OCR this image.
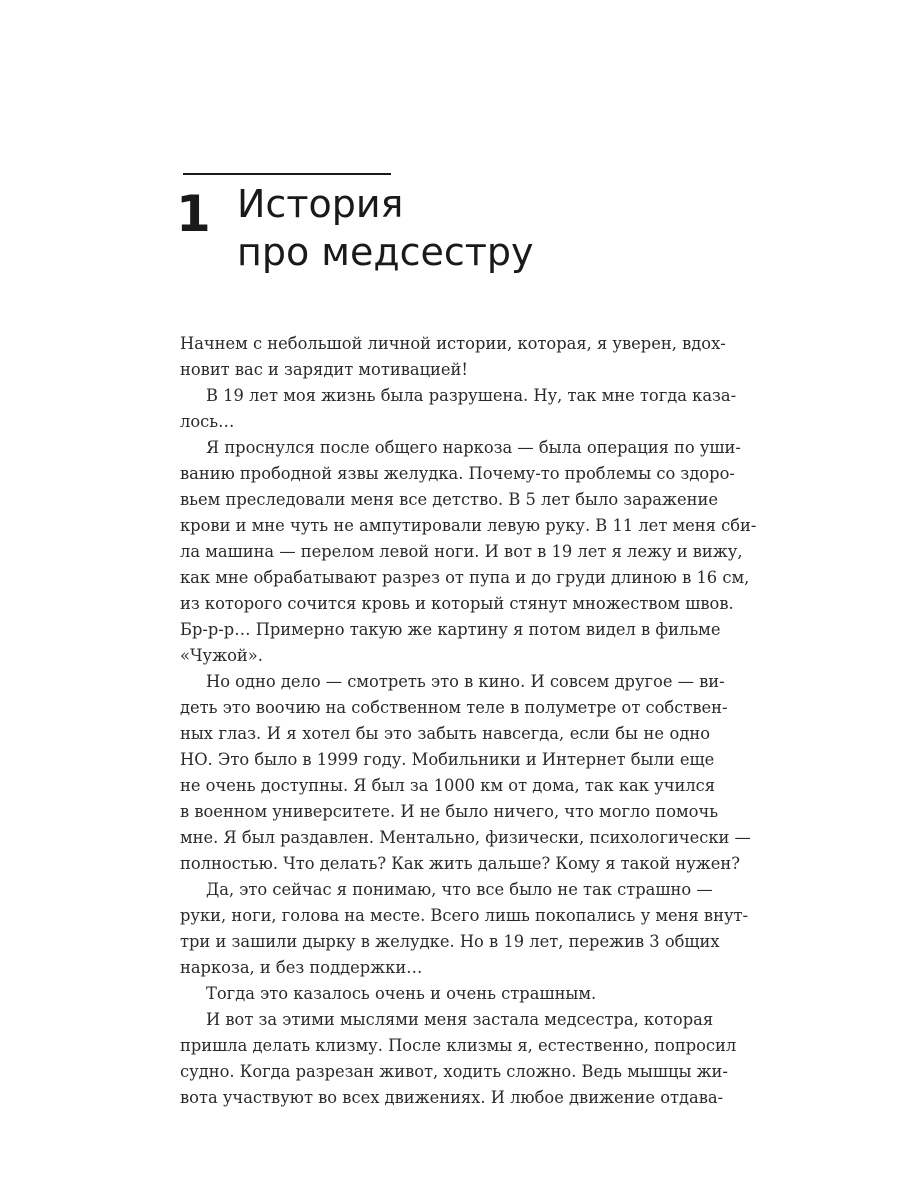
1 История
про медсестру
Начнем с небольшой личной истории, которая, я уверен, вдох-
новит вас и зарядит мотивацией!
В 19 лет моя жизнь была разрушена. Ну, так мне тогда каза-
лось…
Я проснулся после общего наркоза — была операция по уши-
ванию прободной язвы желудка. Почему-то проблемы со здоро-
вьем преследовали меня все детство. В 5 лет было заражение
крови и мне чуть не ампутировали левую руку. В 11 лет меня сби-
ла машина — перелом левой ноги. И вот в 19 лет я лежу и вижу,
как мне обрабатывают разрез от пупа и до груди длиною в 16 см,
из которого сочится кровь и который стянут множеством швов.
Бр-р-р… Примерно такую же картину я потом видел в фильме
«Чужой».
Но одно дело — смотреть это в кино. И совсем другое — ви-
деть это воочию на собственном теле в полуметре от собствен-
ных глаз. И я хотел бы это забыть навсегда, если бы не одно
НО. Это было в 1999 году. Мобильники и Интернет были еще
не очень доступны. Я был за 1000 км от дома, так как учился
в военном университете. И не было ничего, что могло помочь
мне. Я был раздавлен. Ментально, физически, психологически —
полностью. Что делать? Как жить дальше? Кому я такой нужен?
Да, это сейчас я понимаю, что все было не так страшно —
руки, ноги, голова на месте. Всего лишь покопались у меня внут-
три и зашили дырку в желудке. Но в 19 лет, пережив 3 общих
наркоза, и без поддержки…
Тогда это казалось очень и очень страшным.
И вот за этими мыслями меня застала медсестра, которая
пришла делать клизму. После клизмы я, естественно, попросил
судно. Когда разрезан живот, ходить сложно. Ведь мышцы жи-
вота участвуют во всех движениях. И любое движение отдава-
